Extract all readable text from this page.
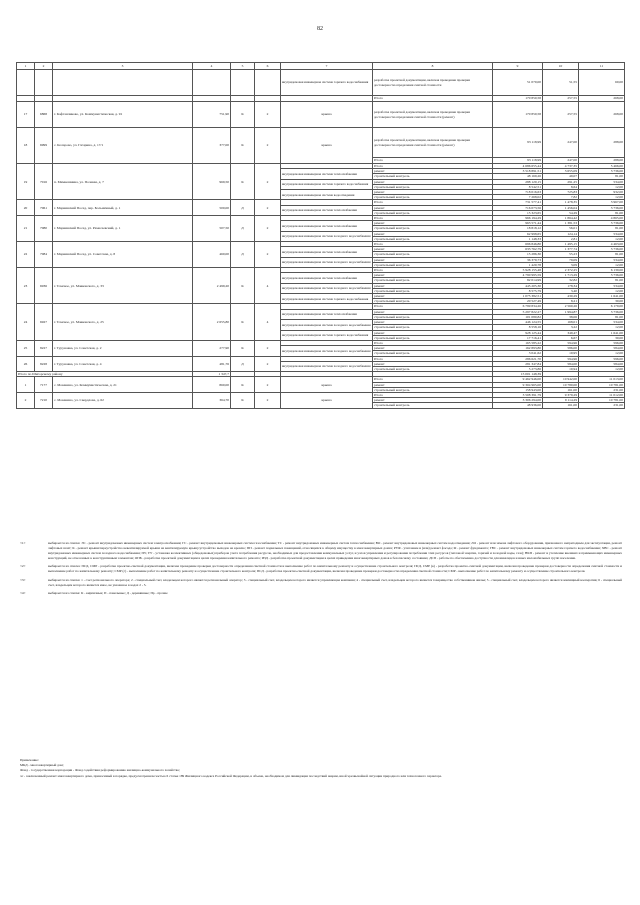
82
1	2	3	4	5	6	7	8	9	10	11
						внутридомовая инженерная система горячего водоснабжения	разработка проектной документации, включая проведение проверки достоверности определения сметной стоимости	51 070,00	51,55	60,00
							Итого	170 850,58	257,55	268,00
17	6868	г. Кафтанчиково, ул. Коммунистическая, д. 91	751,90	К	2	крыша	разработка проектной документации, включая проведение проверки достоверности определения сметной стоимости (ремонт)	170 850,58	257,55	268,00
18	6999	с. Коларово, ул. Гагарина, д. 17/1	377,00	К	2	крыша	разработка проектной документации, включая проведение проверки достоверности определения сметной стоимости (ремонт)	93 118,99	247,00	288,00
							Итого	93 118,99	247,00	288,00
19	7016	п. Мемнешнина, ул. Полевая, д. 7	969,50	К	2		Итого	4 686 655,44	4 737,35	5 466,00
						внутридомовая инженерная система теплоснабжения	ремонт	3 518 891,51	3 655,09	3 736,00
							строительный контроль	48 169,26	49,07	81,00
						внутридомовая инженерная система горячего водоснабжения	ремонт	288 120,15	291,25	534,00
							строительный контроль	8 542,51	8,64	12,00
						внутридомовая инженерная система водоотведения	ремонт	718 016,63	725,83	932,00
							строительный контроль	7 268,02	7,82	12,00
20	7061	г. Мариинский Посад, пер. Больничный, д. 1	500,00	Д	2		Итого	731 577,41	1 478,35	3 967,00
						внутридомовая инженерная система теплоснабжения	ремонт	716 073,56	1 456,04	3 736,00
							строительный контроль	15 323,65	54,29	81,00
21	7080	г. Мариинский Посад, ул. Рамасаевский, д. 1	507,50	Д	2		Итого	966 194,29	1 864,42	4 865,00
						внутридомовая инженерная система теплоснабжения	ремонт	963 571,44	1 381,53	3 736,00
							строительный контроль	18 818,12	56,01	81,00
						внутридомовая инженерная система холодного водоснабжения	ремонт	62 998,65	124,14	534,00
							строительный контроль	1 148,33	2,81	12,00
22	7084	г. Мариинский Посад, ул. Советская, д. 8	460,00	Д	2		Итого	696 846,80	1 495,15	4 463,00
						внутридомовая инженерная система теплоснабжения	ремонт	633 762,79	1 377,74	3 736,00
							строительный контроль	15 286,30	55,23	81,00
						внутридомовая инженерная система холодного водоснабжения	ремонт	36 379,73	79,09	534,00
							строительный контроль	1 420,78	3,09	12,00
23	6936	г. Томское, ул. Маяковского, д. 33	2 499,20	К	4		Итого	5 928 155,48	2 372,25	6 139,00
						внутридомовая инженерная система теплоснабжения	ремонт	4 790 995,59	1 713,29	3 736,00
							строительный контроль	82 014,99	32,82	81,00
						внутридомовая инженерная система холодного водоснабжения	ремонт	445 205,30	178,34	534,00
							строительный контроль	8 575,79	3,40	12,00
						внутридомовая инженерная система горячего водоснабжения	ремонт	1 075 382,51	430,29	1 641,00
							строительный контроль	20 527,49	8,21	30,00
24	6927	г. Томское, ул. Маяковского, д. 25	2 655,80	К	4		Итого	6 799 834,26	2 560,26	6 179,00
						внутридомовая инженерная система теплоснабжения	ремонт	5 297 822,27	1 994,87	3 736,00
							строительный контроль	101 080,82	38,06	81,00
						внутридомовая инженерная система холодного водоснабжения	ремонт	446 124,55	168,01	534,00
							строительный контроль	8 558,16	3,22	12,00
						внутридомовая инженерная система горячего водоснабжения	ремонт	928 125,44	349,47	1 641,00
							строительный контроль	17 716,41	6,67	30,00
25	8227	г. Туруновка, ул. Советская, д. 2	277,90	К	2		Итого	165 585,22	594,96	596,00
						внутридомовая инженерная система холодного водоснабжения	ремонт	162 893,80	586,00	584,00
							строительный контроль	3 041,62	10,95	12,00
26	8228	г. Туруновка, ул. Советская, д. 4	481,76	Д	2		Итого	286 621,70	594,96	596,00
						внутридомовая инженерная система холодного водоснабжения	ремонт	281 347,84	584,00	584,00
							строительный контроль	5 273,86	10,94	12,00
Итого по Шигорскому району			1 347,7					15 001 148,39		
1	7177	с. Моканино, ул. Коммунистическая, д. 21	860,00	К	2	крыша	Итого	9 462 946,00	10 942,00	11 013,00
							ремонт	9 304 965,00	10 780,00	10 781,00
							строительный контроль	158 943,00	161,00	231,00
2	7210	с. Моканино, ул. Свердлова, д. 62	364,70	К	2	крыша	Итого	3 508 391,79	9 379,29	11 012,00
							ремонт	3 306 294,00	9 114,29	10 781,00
							строительный контроль	48 936,00	161,00	231,00
<1>	выбирается из списка: ЭС - ремонт внутридомовых инженерных систем электроснабжения; ГС - ремонт внутридомовых инженерных систем газоснабжения; ТС - ремонт внутридомовых инженерных систем теплоснабжения; ВО - ремонт внутридомовых инженерных систем водоотведения; ЛО - ремонт или замена лифтового оборудования, признанного непригодным для эксплуатации, ремонт лифтовых шахт; К - ремонт крыши/переустройство невентилируемой крыши на вентилируемую крышу/устройство выходов на кровлю; ПП - ремонт подвальных помещений, относящихся к общему имуществу в многоквартирных домах; РУФ - утепление и (или) ремонт фасада; Ф - ремонт фундамента; ГВС - ремонт внутридомовых инженерных систем горячего водоснабжения; ХВС - ремонт внутридомовых инженерных систем холодного водоснабжения; ПУ, УУ - установка коллективных (общедомовых) приборов учета потребления ресурсов, необходимых для предоставления коммунальных услуг, и узлов управления и регулирования потребления этих ресурсов (тепловой энергии, горячей и холодной воды, газа); НКП - ремонт и утепление внешних и примыкающих инженерных конструкций, не отнесенных к конструктивным элементам; ОПБ - разработка проектной документации в целях проведения капитального ремонта; ИЗД - разработка проектной документации в целях приведения многоквартирных домов к безопасному состоянию; ДСП - работы по обеспечению доступности для инвалидов и иных маломобильных групп населения.
<2>	выбирается из списка: ПСД, СМР - разработка проектно-сметной документации, включая проведение проверки достоверности определения сметной стоимости и выполнение работ по капитальному ремонту и осуществление строительного контроля; ПСД, СМР (к) - разработка проектно-сметной документации, включая проведение проверки достоверности определения сметной стоимости и выполнение работ по капитальному ремонту; СМР (с) - выполнение работ по капитальному ремонту и осуществление строительного контроля; ПСД - разработка проектно-сметной документации, включая проведение проверки достоверности определения сметной стоимости; СМР - выполнение работ по капитальному ремонту и осуществление строительного контроля.
<3>	выбирается из списка: 1 - счет регионального оператора; 2 - специальный счет, владельцем которого является региональный оператор; 3 - специальный счет, владельцем которого является управляющая компания; 4 - специальный счет, владельцем которого является товарищество собственников жилья; 5 - специальный счет, владельцем которого является жилищный кооператив; 6 - специальный счет, владельцем которого является иное, не указанное в кодах 2 - 5.
<4>	выбирается из списка: К - кирпичные; П - панельные; Д - деревянные; Пр - прочие
Примечание:
МКД - многоквартирный дом;
Фонд - государственная корпорация - Фонд содействия реформированию жилищно-коммунального хозяйства;
чс - заключенный ремонт многоквартирного дома, приносимый в порядке, предусмотренном частью 6 статьи 189 Жилищного кодекса Российской Федерации, в объеме, необходимом для ликвидации последствий аварии, иной чрезвычайной ситуации природного или техногенного характера.
